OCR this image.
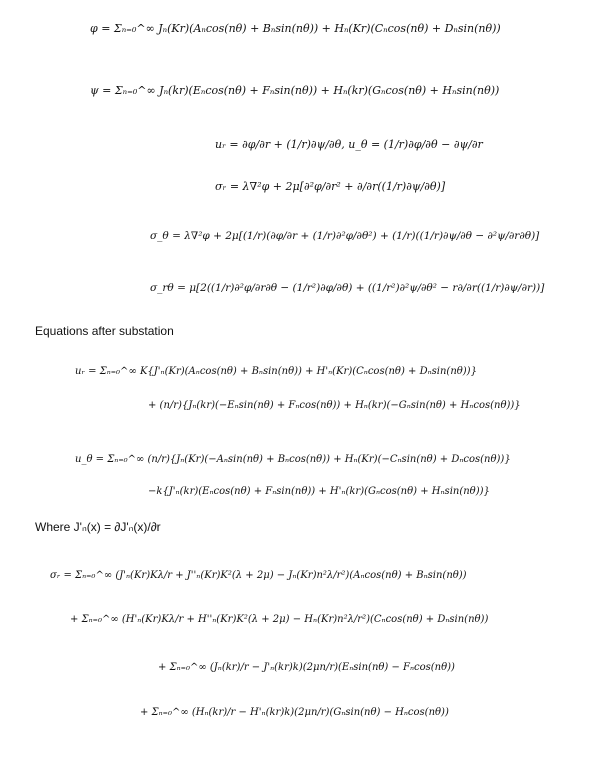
φ = Σₙ₌₀^∞ Jₙ(Kr)(Aₙcos(nθ) + Bₙsin(nθ)) + Hₙ(Kr)(Cₙcos(nθ) + Dₙsin(nθ))
ψ = Σₙ₌₀^∞ Jₙ(kr)(Eₙcos(nθ) + Fₙsin(nθ)) + Hₙ(kr)(Gₙcos(nθ) + Hₙsin(nθ))
uᵣ = ∂φ/∂r + (1/r)∂ψ/∂θ, u_θ = (1/r)∂φ/∂θ − ∂ψ/∂r
σᵣ = λ∇²φ + 2μ[∂²φ/∂r² + ∂/∂r((1/r)∂ψ/∂θ)]
σ_θ = λ∇²φ + 2μ[(1/r)(∂φ/∂r + (1/r)∂²φ/∂θ²) + (1/r)((1/r)∂ψ/∂θ − ∂²ψ/∂r∂θ)]
σ_rθ = μ[2((1/r)∂²φ/∂r∂θ − (1/r²)∂φ/∂θ) + ((1/r²)∂²ψ/∂θ² − r∂/∂r((1/r)∂ψ/∂r))]
Equations after substation
uᵣ = Σₙ₌₀^∞ K{J'ₙ(Kr)(Aₙcos(nθ) + Bₙsin(nθ)) + H'ₙ(Kr)(Cₙcos(nθ) + Dₙsin(nθ))}
+ (n/r){Jₙ(kr)(−Eₙsin(nθ) + Fₙcos(nθ)) + Hₙ(kr)(−Gₙsin(nθ) + Hₙcos(nθ))}
u_θ = Σₙ₌₀^∞ (n/r){Jₙ(Kr)(−Aₙsin(nθ) + Bₙcos(nθ)) + Hₙ(Kr)(−Cₙsin(nθ) + Dₙcos(nθ))}
−k{J'ₙ(kr)(Eₙcos(nθ) + Fₙsin(nθ)) + H'ₙ(kr)(Gₙcos(nθ) + Hₙsin(nθ))}
Where J'ₙ(x) = ∂J'ₙ(x)/∂r
σᵣ = Σₙ₌₀^∞ (J'ₙ(Kr)Kλ/r + J''ₙ(Kr)K²(λ + 2μ) − Jₙ(Kr)n²λ/r²)(Aₙcos(nθ) + Bₙsin(nθ))
+ Σₙ₌₀^∞ (H'ₙ(Kr)Kλ/r + H''ₙ(Kr)K²(λ + 2μ) − Hₙ(Kr)n²λ/r²)(Cₙcos(nθ) + Dₙsin(nθ))
+ Σₙ₌₀^∞ (Jₙ(kr)/r − J'ₙ(kr)k)(2μn/r)(Eₙsin(nθ) − Fₙcos(nθ))
+ Σₙ₌₀^∞ (Hₙ(kr)/r − H'ₙ(kr)k)(2μn/r)(Gₙsin(nθ) − Hₙcos(nθ))
